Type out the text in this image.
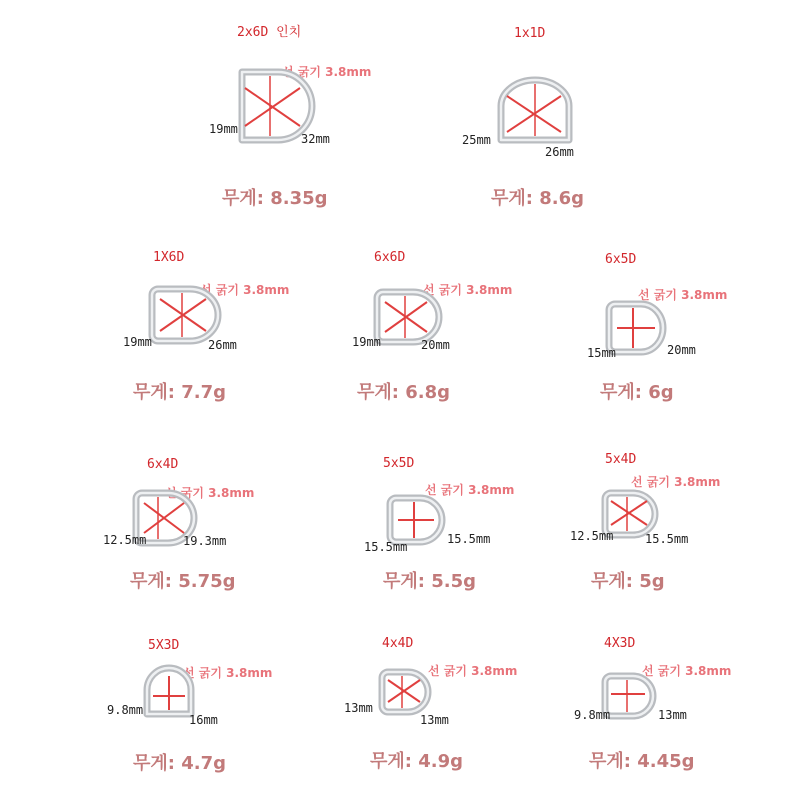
2x6D 인치
선 굵기 3.8mm
19mm
32mm
무게: 8.35g
1x1D
25mm
26mm
무게: 8.6g
1X6D
선 굵기 3.8mm
19mm	26mm
무게: 7.7g
6x6D
선 굵기 3.8mm
19mm	20mm
무게: 6.8g
6x5D
선 굵기 3.8mm
15mm	20mm
무게: 6g
6x4D
선 굵기 3.8mm
12.5mm	19.3mm
무게: 5.75g
5x5D
선 굵기 3.8mm
15.5mm
15.5mm
무게: 5.5g
5x4D
선 굵기 3.8mm
12.5mm	15.5mm
무게: 5g
5X3D
선 굵기 3.8mm
9.8mm
16mm
무게: 4.7g
4x4D
선 굵기 3.8mm
13mm
13mm
무게: 4.9g
4X3D
선 굵기 3.8mm
9.8mm	13mm
무게: 4.45g
